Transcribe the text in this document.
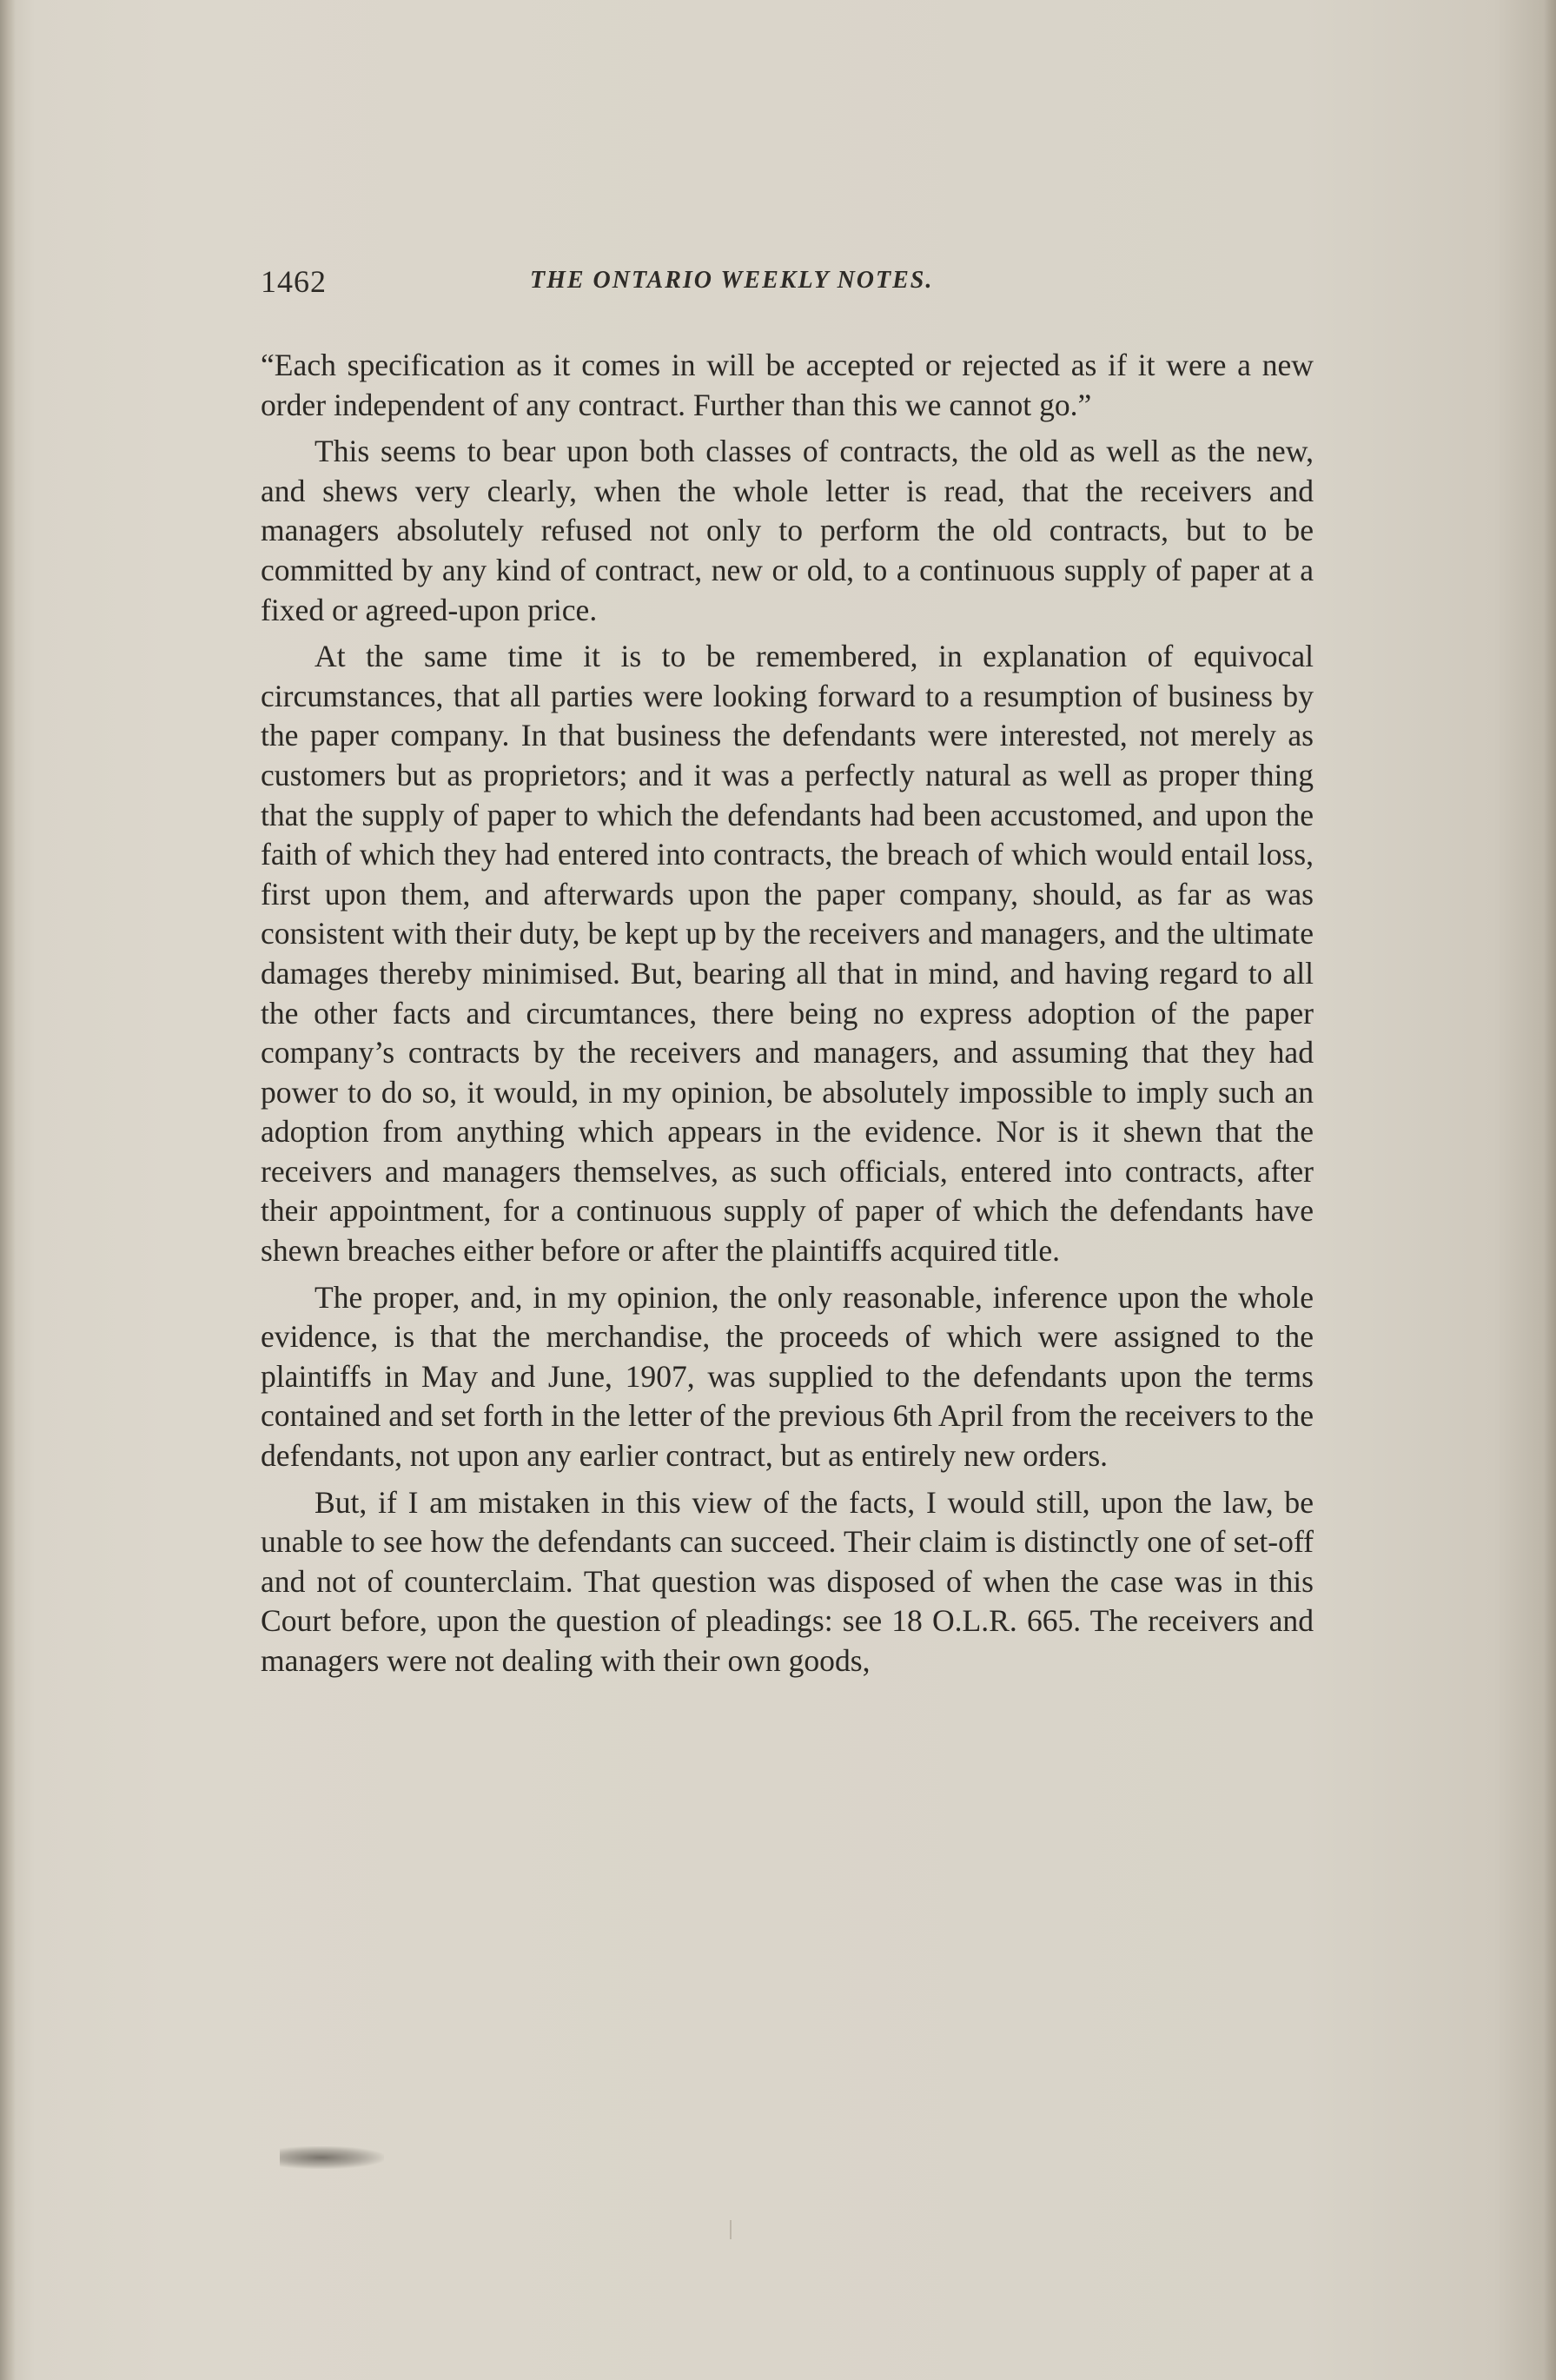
1462	THE ONTARIO WEEKLY NOTES.

“Each specification as it comes in will be accepted or rejected as if it were a new order independent of any contract. Further than this we cannot go.”

This seems to bear upon both classes of contracts, the old as well as the new, and shews very clearly, when the whole letter is read, that the receivers and managers absolutely refused not only to perform the old contracts, but to be committed by any kind of contract, new or old, to a continuous supply of paper at a fixed or agreed-upon price.

At the same time it is to be remembered, in explanation of equivocal circumstances, that all parties were looking forward to a resumption of business by the paper company. In that business the defendants were interested, not merely as customers but as proprietors; and it was a perfectly natural as well as proper thing that the supply of paper to which the defendants had been accustomed, and upon the faith of which they had entered into contracts, the breach of which would entail loss, first upon them, and afterwards upon the paper company, should, as far as was consistent with their duty, be kept up by the receivers and managers, and the ultimate damages thereby minimised. But, bearing all that in mind, and having regard to all the other facts and circumtances, there being no express adoption of the paper company’s contracts by the receivers and managers, and assuming that they had power to do so, it would, in my opinion, be absolutely impossible to imply such an adoption from anything which appears in the evidence. Nor is it shewn that the receivers and managers themselves, as such officials, entered into contracts, after their appointment, for a continuous supply of paper of which the defendants have shewn breaches either before or after the plaintiffs acquired title.

The proper, and, in my opinion, the only reasonable, inference upon the whole evidence, is that the merchandise, the proceeds of which were assigned to the plaintiffs in May and June, 1907, was supplied to the defendants upon the terms contained and set forth in the letter of the previous 6th April from the receivers to the defendants, not upon any earlier contract, but as entirely new orders.

But, if I am mistaken in this view of the facts, I would still, upon the law, be unable to see how the defendants can succeed. Their claim is distinctly one of set-off and not of counterclaim. That question was disposed of when the case was in this Court before, upon the question of pleadings: see 18 O.L.R. 665. The receivers and managers were not dealing with their own goods,
